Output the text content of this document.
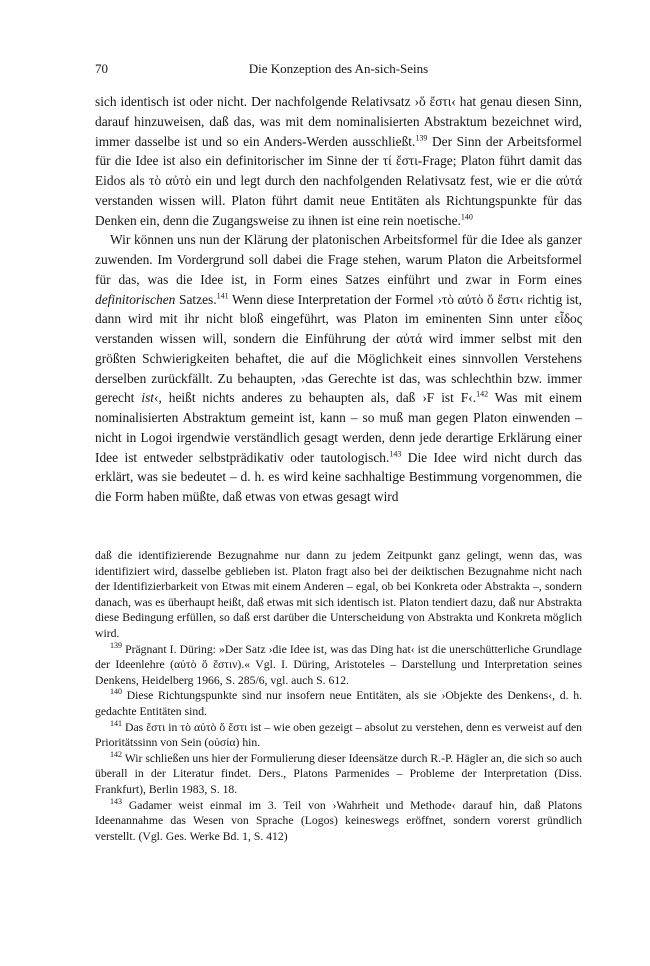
70	Die Konzeption des An-sich-Seins

sich identisch ist oder nicht. Der nachfolgende Relativsatz ›ὅ ἔστι‹ hat genau diesen Sinn, darauf hinzuweisen, daß das, was mit dem nominalisierten Abstraktum bezeichnet wird, immer dasselbe ist und so ein Anders-Werden ausschließt.$^{139}$ Der Sinn der Arbeitsformel für die Idee ist also ein definitorischer im Sinne der τί ἔστι-Frage; Platon führt damit das Eidos als τὸ αὐτὸ ein und legt durch den nachfolgenden Relativsatz fest, wie er die αὐτά verstanden wissen will. Platon führt damit neue Entitäten als Richtungspunkte für das Denken ein, denn die Zugangsweise zu ihnen ist eine rein noetische.$^{140}$

Wir können uns nun der Klärung der platonischen Arbeitsformel für die Idee als ganzer zuwenden. Im Vordergrund soll dabei die Frage stehen, warum Platon die Arbeitsformel für das, was die Idee ist, in Form eines Satzes einführt und zwar in Form eines definitorischen Satzes.$^{141}$ Wenn diese Interpretation der Formel ›τὸ αὐτὸ ὅ ἔστι‹ richtig ist, dann wird mit ihr nicht bloß eingeführt, was Platon im eminenten Sinn unter εἶδος verstanden wissen will, sondern die Einführung der αὐτά wird immer selbst mit den größten Schwierigkeiten behaftet, die auf die Möglichkeit eines sinnvollen Verstehens derselben zurückfällt. Zu behaupten, ›das Gerechte ist das, was schlechthin bzw. immer gerecht ist‹, heißt nichts anderes zu behaupten als, daß ›F ist F‹.$^{142}$ Was mit einem nominalisierten Abstraktum gemeint ist, kann – so muß man gegen Platon einwenden – nicht in Logoi irgendwie verständlich gesagt werden, denn jede derartige Erklärung einer Idee ist entweder selbstprädikativ oder tautologisch.$^{143}$ Die Idee wird nicht durch das erklärt, was sie bedeutet – d. h. es wird keine sachhaltige Bestimmung vorgenommen, die die Form haben müßte, daß etwas von etwas gesagt wird

daß die identifizierende Bezugnahme nur dann zu jedem Zeitpunkt ganz gelingt, wenn das, was identifiziert wird, dasselbe geblieben ist. Platon fragt also bei der deiktischen Bezugnahme nicht nach der Identifizierbarkeit von Etwas mit einem Anderen – egal, ob bei Konkreta oder Abstrakta –, sondern danach, was es überhaupt heißt, daß etwas mit sich identisch ist. Platon tendiert dazu, daß nur Abstrakta diese Bedingung erfüllen, so daß erst darüber die Unterscheidung von Abstrakta und Konkreta möglich wird.

$^{139}$ Prägnant I. Düring: »Der Satz ›die Idee ist, was das Ding hat‹ ist die unerschütterliche Grundlage der Ideenlehre (αὐτὸ ὅ ἔστιν).« Vgl. I. Düring, Aristoteles – Darstellung und Interpretation seines Denkens, Heidelberg 1966, S. 285/6, vgl. auch S. 612.

$^{140}$ Diese Richtungspunkte sind nur insofern neue Entitäten, als sie ›Objekte des Denkens‹, d. h. gedachte Entitäten sind.

$^{141}$ Das ἔστι in τὸ αὐτὸ ὅ ἔστι ist – wie oben gezeigt – absolut zu verstehen, denn es verweist auf den Prioritätssinn von Sein (οὐσία) hin.

$^{142}$ Wir schließen uns hier der Formulierung dieser Ideensätze durch R.-P. Hägler an, die sich so auch überall in der Literatur findet. Ders., Platons Parmenides – Probleme der Interpretation (Diss. Frankfurt), Berlin 1983, S. 18.

$^{143}$ Gadamer weist einmal im 3. Teil von ›Wahrheit und Methode‹ darauf hin, daß Platons Ideenannahme das Wesen von Sprache (Logos) keineswegs eröffnet, sondern vorerst gründlich verstellt. (Vgl. Ges. Werke Bd. 1, S. 412)
